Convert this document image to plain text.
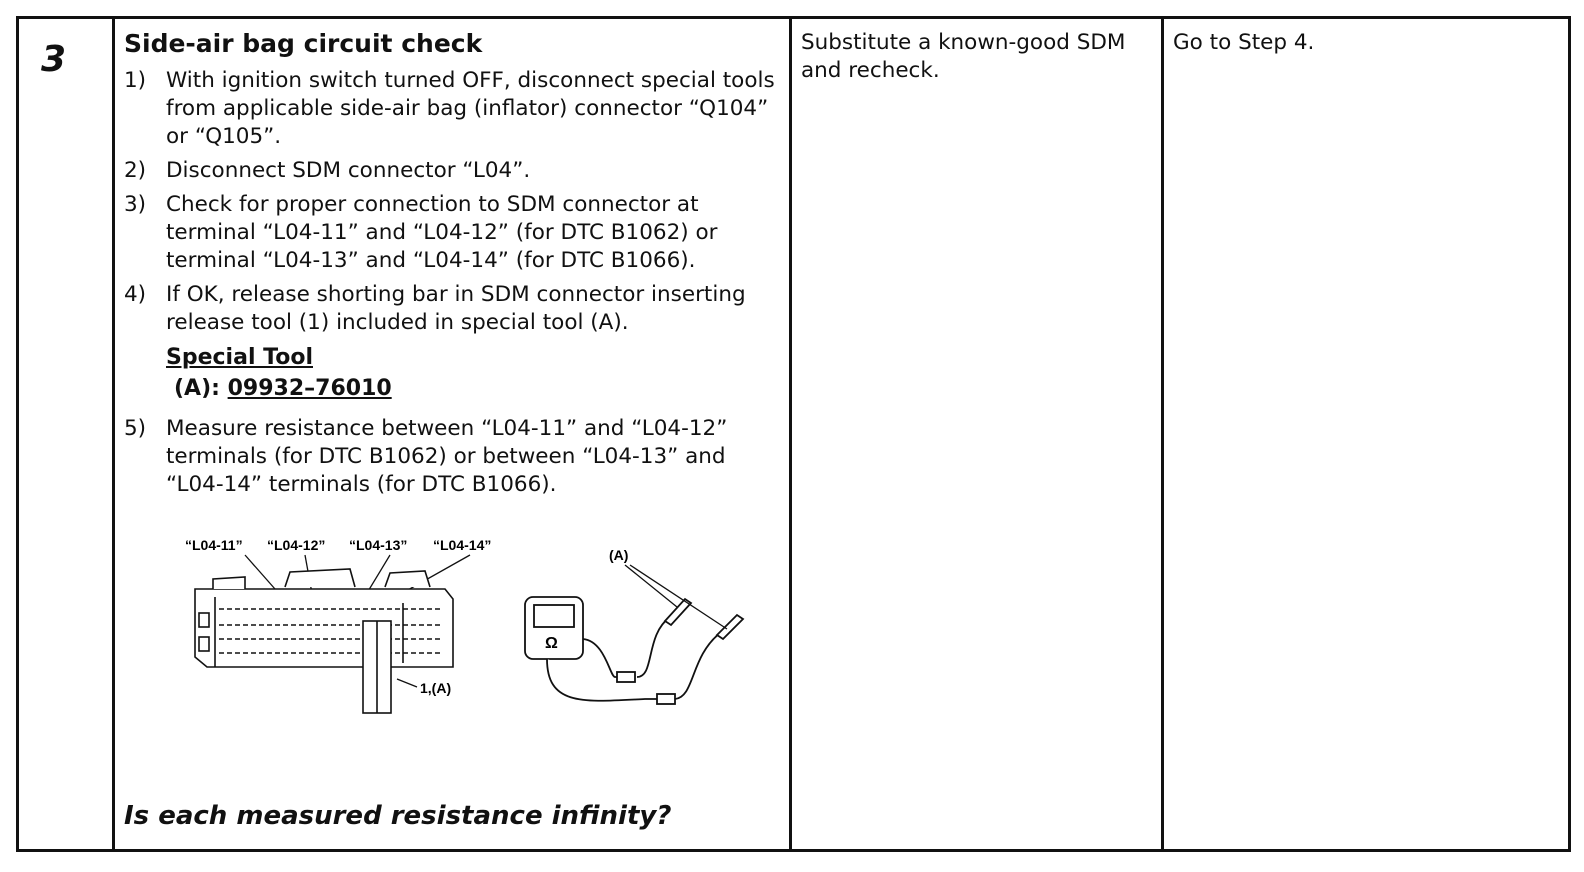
3 Side-air bag circuit check
1) With ignition switch turned OFF, disconnect special tools from applicable side-air bag (inflator) connector “Q104” or “Q105”.
2) Disconnect SDM connector “L04”.
3) Check for proper connection to SDM connector at terminal “L04-11” and “L04-12” (for DTC B1062) or terminal “L04-13” and “L04-14” (for DTC B1066).
4) If OK, release shorting bar in SDM connector inserting release tool (1) included in special tool (A).
Special Tool
(A): 09932–76010
5) Measure resistance between “L04-11” and “L04-12” terminals (for DTC B1062) or between “L04-13” and “L04-14” terminals (for DTC B1066).
“L04-11” “L04-12” “L04-13” “L04-14”
1,(A)
Ω
(A)
Is each measured resistance infinity?
Substitute a known-good SDM and recheck.
Go to Step 4.
